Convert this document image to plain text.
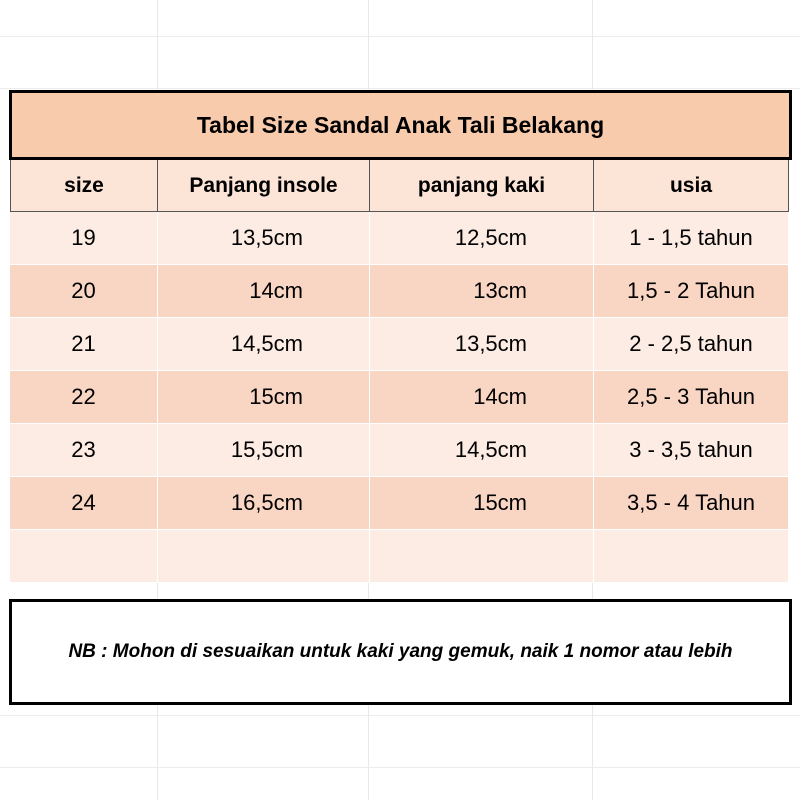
Tabel Size Sandal Anak Tali Belakang
size	Panjang insole	panjang kaki	usia
19	13,5cm	12,5cm	1 - 1,5 tahun
20	14cm	13cm	1,5 - 2 Tahun
21	14,5cm	13,5cm	2 - 2,5 tahun
22	15cm	14cm	2,5 - 3 Tahun
23	15,5cm	14,5cm	3 - 3,5 tahun
24	16,5cm	15cm	3,5 - 4 Tahun
NB : Mohon di sesuaikan untuk kaki yang gemuk, naik 1 nomor atau lebih
